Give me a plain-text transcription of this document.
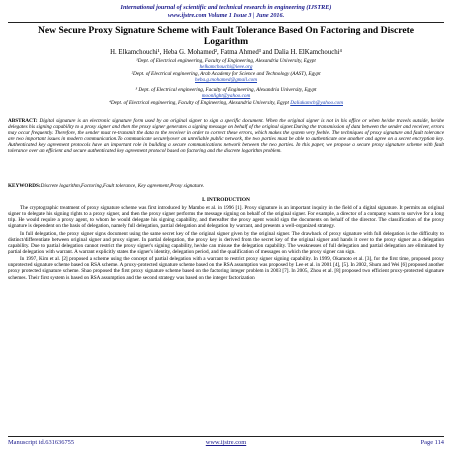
International journal of scientific and technical research in engineering (IJSTRE)
www.ijstre.com Volume 1 Issue 3 | June 2016.
New Secure Proxy Signature Scheme with Fault Tolerance Based On Factoring and Discrete Logarithm
H. Elkamchouchi¹, Heba G. Mohamed², Fatma Ahmed³ and Dalia H. ElKamchouchi⁴
¹Dept. of Electrical engineering, Faculty of Engineering, Alexandria University, Egypt
helkamchouchi@ieee.org
²Dept. of Electrical engineering, Arab Academy for Science and Technology (AAST), Egypt
heba.g.mohamed@gmail.com
³ Dept. of Electrical engineering, Faculty of Engineering, Alexandria University, Egypt
moonlight@yahoo.com
⁴Dept. of Electrical engineering, Faculty of Engineering, Alexandria University, Egypt Daliakamch@yahoo.com
ABSTRACT: Digital signature is an electronic signature form used by an original signer to sign a specific document. When the original signer is not in his office or when he/she travels outside, he/she delegates his signing capability to a proxy signer and then the proxy signer generates a signing message on behalf of the original signer.During the transmission of data between the sender and receiver, errors may occur frequently. Therefore, the sender must re-transmit the data to the receiver in order to correct these errors, which makes the system very feeble. The techniques of proxy signature and fault tolerance are two important issues in modern communication.To communicate securelyover an unreliable public network, the two parties must be able to authenticate one another and agree on a secret encryption key. Authenticated key agreement protocols have an important role in building a secure communications network between the two parties. In this paper, we propose a secure proxy signature scheme with fault tolerance over an efficient and secure authenticated key agreement protocol based on factoring and the discrete logarithm problem.
KEYWORDS:Discrete logarithm,Factoring,Fault tolerance, Key agreement,Proxy signature.
I. INTRODUCTION

The cryptographic treatment of proxy signature scheme was first introduced by Mambo et al. in 1996 [1]. Proxy signature is an important inquiry in the field of a digital signature. It permits an original signer to delegate his signing rights to a proxy signer, and then the proxy signer performs the message signing on behalf of the original signer. For example, a director of a company wants to survive for a long trip. He would require a proxy agent, to whom he would delegate his signing capability, and thereafter the proxy agent would sign the documents on behalf of the director. The classification of the proxy signature is dependent on the basis of delegation, namely full delegation, partial delegation and delegation by warrant, and presents a well-organized strategy.

In full delegation, the proxy signer signs document using the same secret key of the original signer given by the original signer. The drawback of proxy signature with full delegation is the difficulty to distinct/differentiate between original signer and proxy signer. In partial delegation, the proxy key is derived from the secret key of the original signer and hands it over to the proxy signer as a delegation capability. Due to partial delegation cannot restrict the proxy signer's signing capability, he/she can misuse the delegation capability. The weaknesses of full delegation and partial delegation are eliminated by partial delegation with warrant. A warrant explicitly states the signer's identity, delegation period, and the qualification of messages on which the proxy signer can sign.

In 1997, Kim et al. [2] proposed a scheme using the concept of partial delegation with a warrant to restrict proxy signer signing capability. In 1999, Okamoto et al. [3], for the first time, proposed proxy unprotected signature scheme based on RSA scheme. A proxy-protected signature scheme based on the RSA assumption was proposed by Lee et al. in 2001 [4], [5]. In 2002, Shum and Wei [6] proposed another proxy protected signature scheme. Shao proposed the first proxy signature scheme based on the factoring integer problem in 2003 [7]. In 2005, Zhou et al. [8] proposed two efficient proxy-protected signature schemes. Their first system is based on RSA assumption and the second strategy was based on the integer factorization

Manuscript id.631636755	www.ijstre.com	Page 114
